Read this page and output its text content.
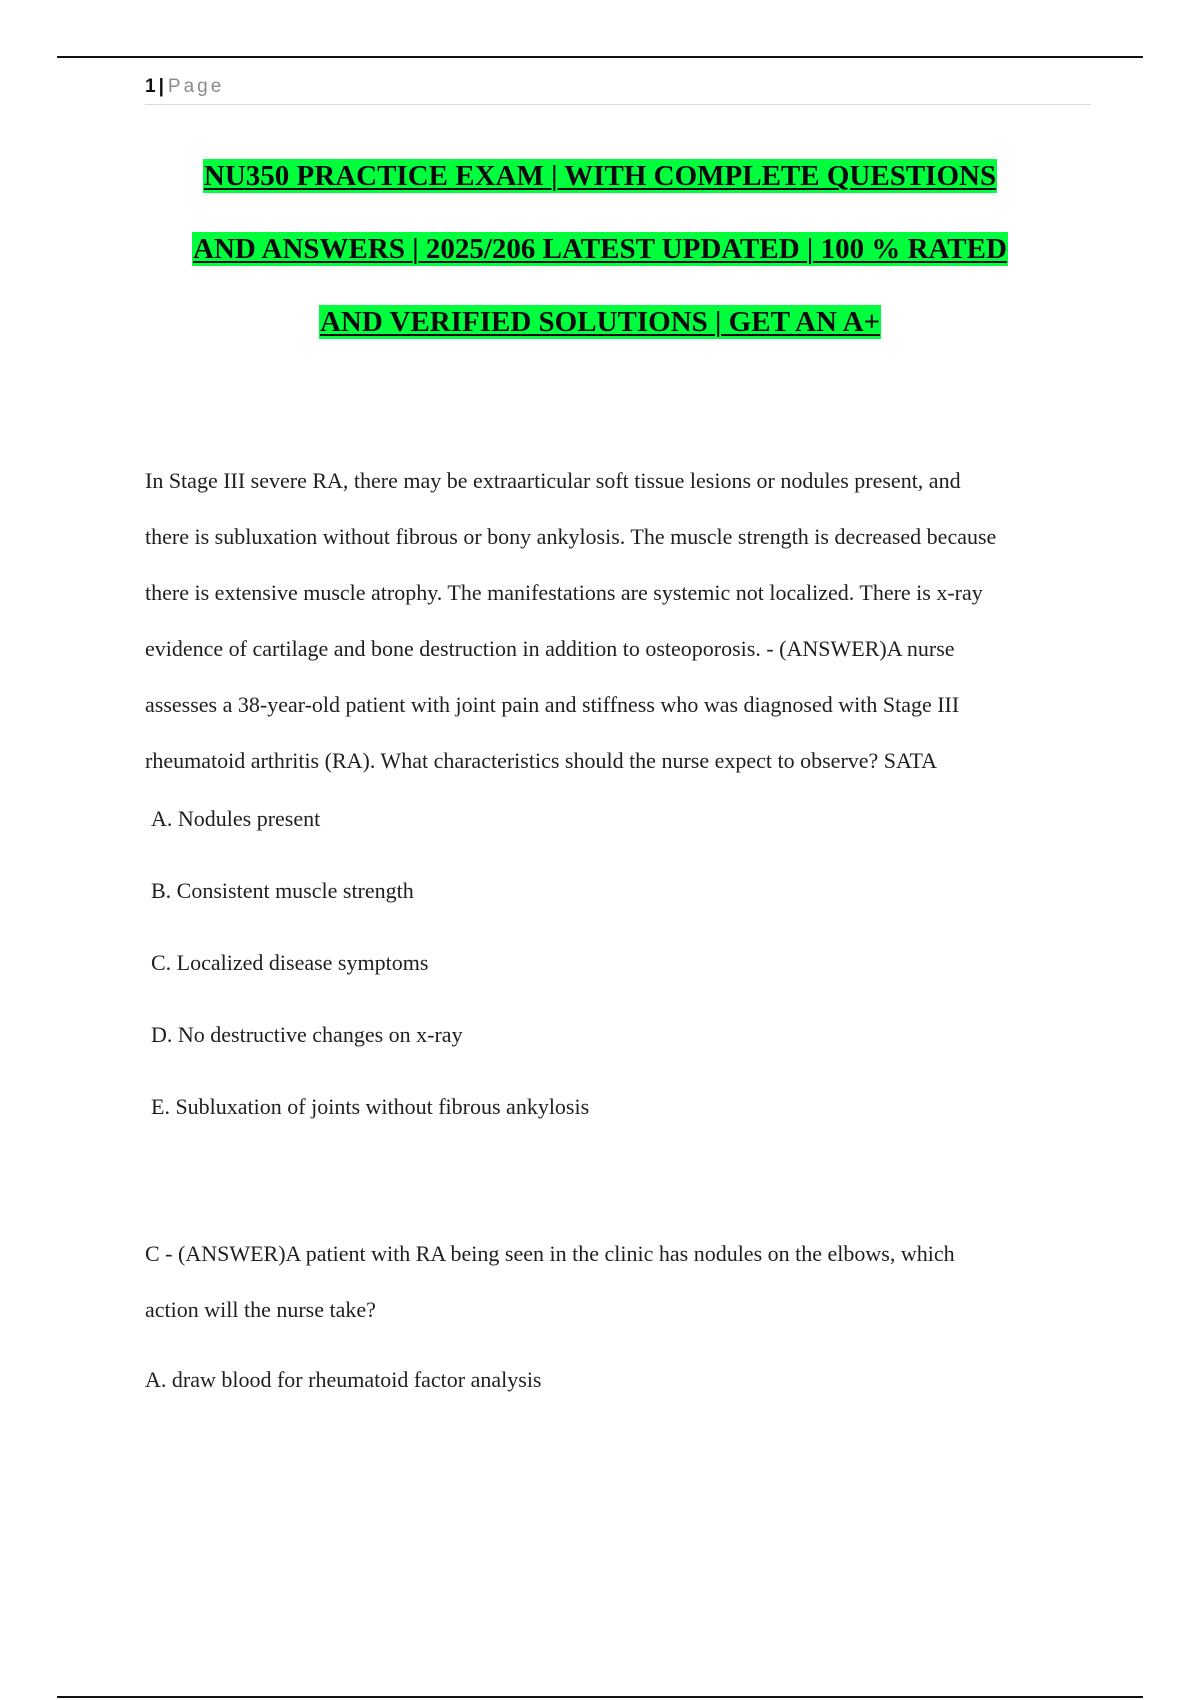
1 | Page
NU350 PRACTICE EXAM | WITH COMPLETE QUESTIONS
AND ANSWERS | 2025/206 LATEST UPDATED | 100 % RATED
AND VERIFIED SOLUTIONS | GET AN A+
In Stage III severe RA, there may be extraarticular soft tissue lesions or nodules present, and
there is subluxation without fibrous or bony ankylosis. The muscle strength is decreased because
there is extensive muscle atrophy. The manifestations are systemic not localized. There is x-ray
evidence of cartilage and bone destruction in addition to osteoporosis. - (ANSWER)A nurse
assesses a 38-year-old patient with joint pain and stiffness who was diagnosed with Stage III
rheumatoid arthritis (RA). What characteristics should the nurse expect to observe? SATA
A. Nodules present
B. Consistent muscle strength
C. Localized disease symptoms
D. No destructive changes on x-ray
E. Subluxation of joints without fibrous ankylosis
C - (ANSWER)A patient with RA being seen in the clinic has nodules on the elbows, which
action will the nurse take?
A. draw blood for rheumatoid factor analysis
